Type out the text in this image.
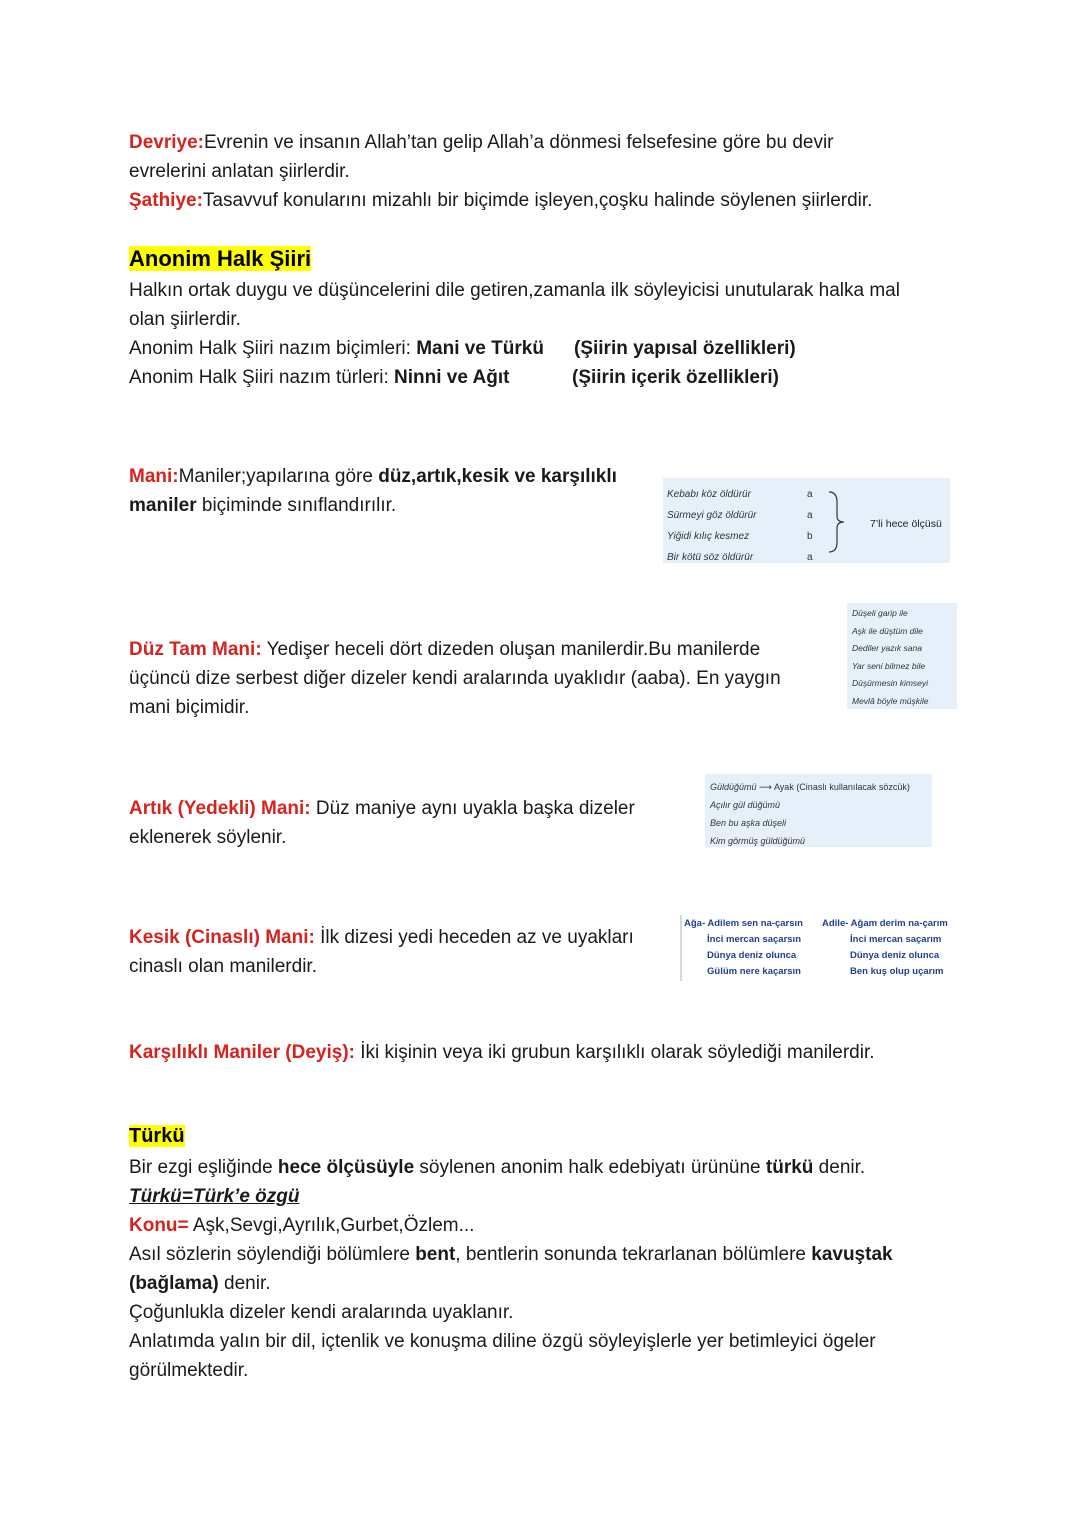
Devriye:Evrenin ve insanın Allah’tan gelip Allah’a dönmesi felsefesine göre bu devir

evrelerini anlatan şiirlerdir.

Şathiye:Tasavvuf konularını mizahlı bir biçimde işleyen,çoşku halinde söylenen şiirlerdir.

Anonim Halk Şiiri

Halkın ortak duygu ve düşüncelerini dile getiren,zamanla ilk söyleyicisi unutularak halka mal

olan şiirlerdir.

Anonim Halk Şiiri nazım biçimleri: Mani ve Türkü	(Şiirin yapısal özellikleri)
Anonim Halk Şiiri nazım türleri: Ninni ve Ağıt	(Şiirin içerik özellikleri)
Mani:Maniler;yapılarına göre düz,artık,kesik ve karşılıklı
maniler biçiminde sınıflandırılır.
Kebabı köz öldürür
Sürmeyi göz öldürür
Yiğidi kılıç kesmez
Bir kötü söz öldürür
a
a
b
a
7’li hece ölçüsü

Düz Tam Mani: Yedişer heceli dört dizeden oluşan manilerdir.Bu manilerde

üçüncü dize serbest diğer dizeler kendi aralarında uyaklıdır (aaba). En yaygın

mani biçimidir.

Düşeli garip ile
Aşk ile düştüm dile
Dediler yazık sana
Yar seni bilmez bile
Düşürmesin kimseyi
Mevlâ böyle müşkile

Artık (Yedekli) Mani: Düz maniye aynı uyakla başka dizeler

eklenerek söylenir.

Güldüğümü ⟶ Ayak (Cinaslı kullanılacak sözcük)
Açılır gül düğümü
Ben bu aşka düşeli
Kim görmüş güldüğümü

Kesik (Cinaslı) Mani: İlk dizesi yedi heceden az ve uyakları

cinaslı olan manilerdir.

Ağa- Adilem sen na-çarsın
İnci mercan saçarsın
Dünya deniz olunca
Gülüm nere kaçarsın
Adile- Ağam derim na-çarım
İnci mercan saçarım
Dünya deniz olunca
Ben kuş olup uçarım
Karşılıklı Maniler (Deyiş): İki kişinin veya iki grubun karşılıklı olarak söylediği manilerdir.
Türkü

Bir ezgi eşliğinde hece ölçüsüyle söylenen anonim halk edebiyatı ürününe türkü denir.

Türkü=Türk’e özgü

Konu= Aşk,Sevgi,Ayrılık,Gurbet,Özlem...

Asıl sözlerin söylendiği bölümlere bent, bentlerin sonunda tekrarlanan bölümlere kavuştak

(bağlama) denir.

Çoğunlukla dizeler kendi aralarında uyaklanır.

Anlatımda yalın bir dil, içtenlik ve konuşma diline özgü söyleyişlerle yer betimleyici ögeler

görülmektedir.
